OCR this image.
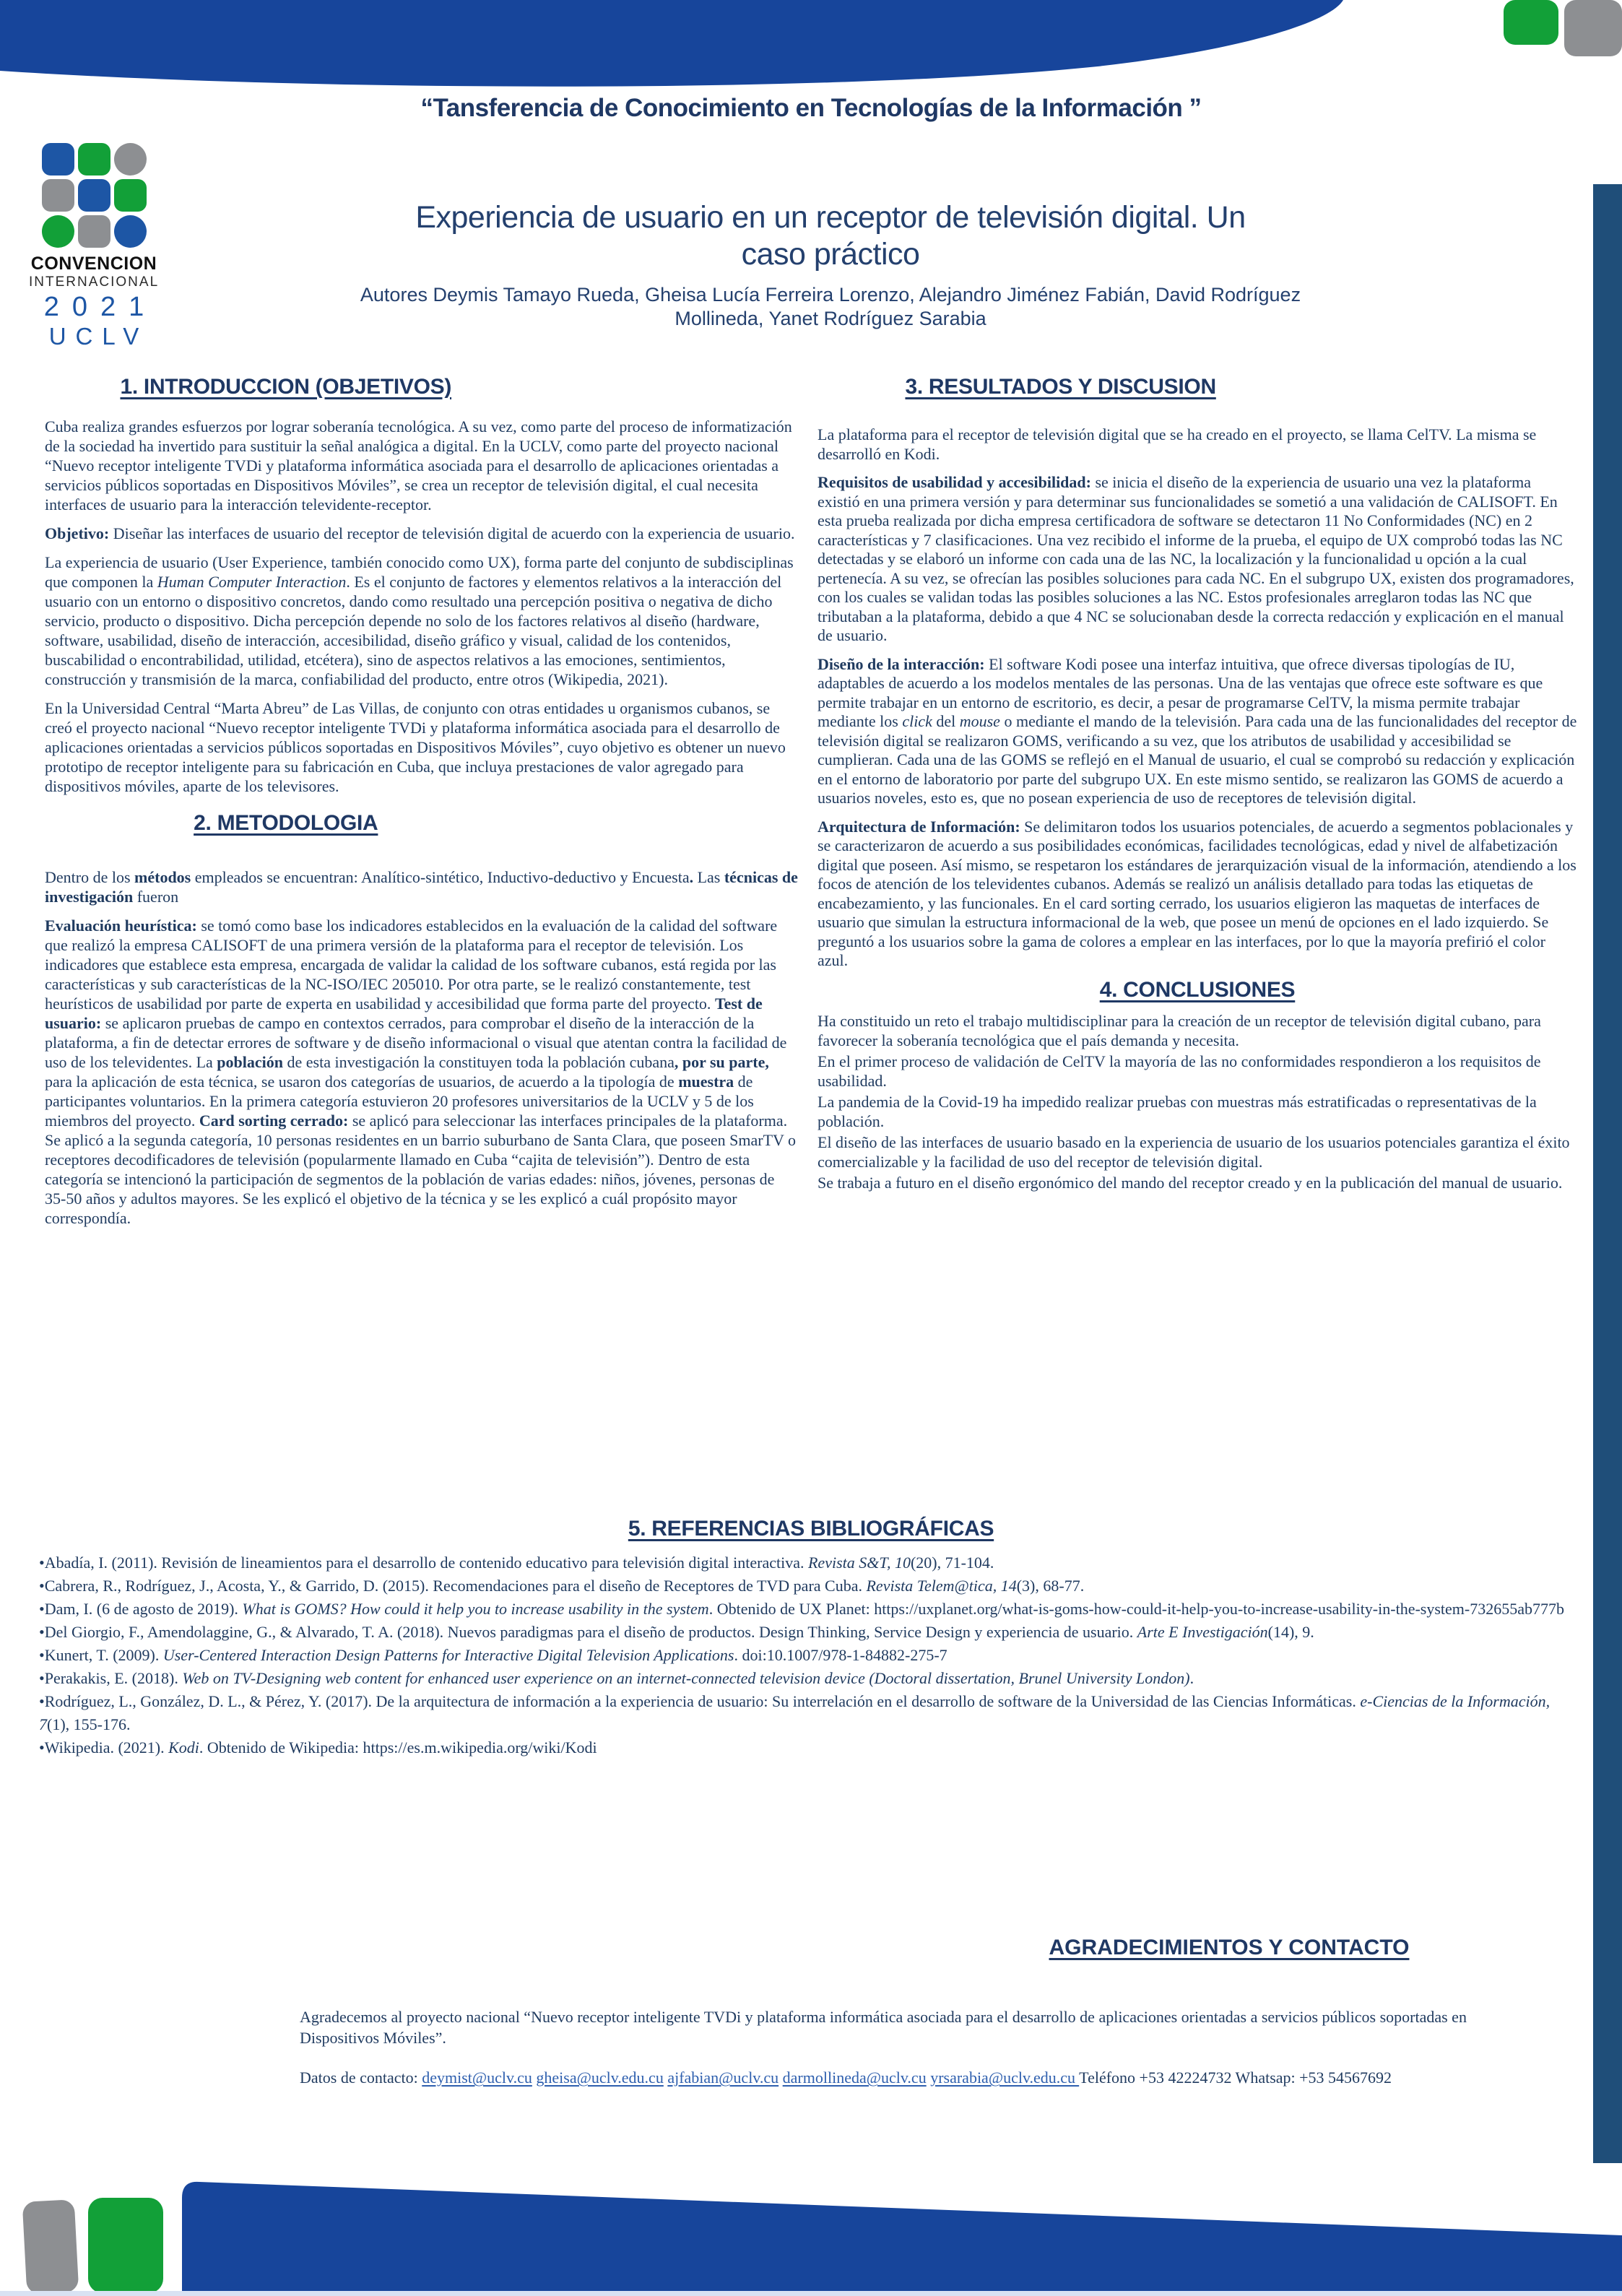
“Tansferencia de Conocimiento en Tecnologías de la Información ”
CONVENCION
INTERNACIONAL
2021
UCLV
Experiencia de usuario en un receptor de televisión digital. Un
caso práctico
Autores Deymis Tamayo Rueda, Gheisa Lucía Ferreira Lorenzo, Alejandro Jiménez Fabián, David Rodríguez
Mollineda, Yanet Rodríguez Sarabia
1. INTRODUCCION (OBJETIVOS)
Cuba realiza grandes esfuerzos por lograr soberanía tecnológica. A su vez, como parte del proceso de informatización de la sociedad ha invertido para sustituir la señal analógica a digital. En la UCLV, como parte del proyecto nacional “Nuevo receptor inteligente TVDi y plataforma informática asociada para el desarrollo de aplicaciones orientadas a servicios públicos soportadas en Dispositivos Móviles”, se crea un receptor de televisión digital, el cual necesita interfaces de usuario para la interacción televidente-receptor.
Objetivo: Diseñar las interfaces de usuario del receptor de televisión digital de acuerdo con la experiencia de usuario.
La experiencia de usuario (User Experience, también conocido como UX), forma parte del conjunto de subdisciplinas que componen la Human Computer Interaction. Es el conjunto de factores y elementos relativos a la interacción del usuario con un entorno o dispositivo concretos, dando como resultado una percepción positiva o negativa de dicho servicio, producto o dispositivo. Dicha percepción depende no solo de los factores relativos al diseño (hardware, software, usabilidad, diseño de interacción, accesibilidad, diseño gráfico y visual, calidad de los contenidos, buscabilidad o encontrabilidad, utilidad, etcétera), sino de aspectos relativos a las emociones, sentimientos, construcción y transmisión de la marca, confiabilidad del producto, entre otros (Wikipedia, 2021).
En la Universidad Central “Marta Abreu” de Las Villas, de conjunto con otras entidades u organismos cubanos, se creó el proyecto nacional “Nuevo receptor inteligente TVDi y plataforma informática asociada para el desarrollo de aplicaciones orientadas a servicios públicos soportadas en Dispositivos Móviles”, cuyo objetivo es obtener un nuevo prototipo de receptor inteligente para su fabricación en Cuba, que incluya prestaciones de valor agregado para dispositivos móviles, aparte de los televisores.
2. METODOLOGIA
Dentro de los métodos empleados se encuentran: Analítico-sintético, Inductivo-deductivo y Encuesta. Las técnicas de investigación fueron
Evaluación heurística: se tomó como base los indicadores establecidos en la evaluación de la calidad del software que realizó la empresa CALISOFT de una primera versión de la plataforma para el receptor de televisión. Los indicadores que establece esta empresa, encargada de validar la calidad de los software cubanos, está regida por las características y sub características de la NC-ISO/IEC 205010. Por otra parte, se le realizó constantemente, test heurísticos de usabilidad por parte de experta en usabilidad y accesibilidad que forma parte del proyecto. Test de usuario: se aplicaron pruebas de campo en contextos cerrados, para comprobar el diseño de la interacción de la plataforma, a fin de detectar errores de software y de diseño informacional o visual que atentan contra la facilidad de uso de los televidentes. La población de esta investigación la constituyen toda la población cubana, por su parte, para la aplicación de esta técnica, se usaron dos categorías de usuarios, de acuerdo a la tipología de muestra de participantes voluntarios. En la primera categoría estuvieron 20 profesores universitarios de la UCLV y 5 de los miembros del proyecto. Card sorting cerrado: se aplicó para seleccionar las interfaces principales de la plataforma. Se aplicó a la segunda categoría, 10 personas residentes en un barrio suburbano de Santa Clara, que poseen SmarTV o receptores decodificadores de televisión (popularmente llamado en Cuba “cajita de televisión”). Dentro de esta categoría se intencionó la participación de segmentos de la población de varias edades: niños, jóvenes, personas de 35-50 años y adultos mayores. Se les explicó el objetivo de la técnica y se les explicó a cuál propósito mayor correspondía.
3. RESULTADOS Y DISCUSION
La plataforma para el receptor de televisión digital que se ha creado en el proyecto, se llama CelTV. La misma se desarrolló en Kodi.
Requisitos de usabilidad y accesibilidad: se inicia el diseño de la experiencia de usuario una vez la plataforma existió en una primera versión y para determinar sus funcionalidades se sometió a una validación de CALISOFT. En esta prueba realizada por dicha empresa certificadora de software se detectaron 11 No Conformidades (NC) en 2 características y 7 clasificaciones. Una vez recibido el informe de la prueba, el equipo de UX comprobó todas las NC detectadas y se elaboró un informe con cada una de las NC, la localización y la funcionalidad u opción a la cual pertenecía. A su vez, se ofrecían las posibles soluciones para cada NC. En el subgrupo UX, existen dos programadores, con los cuales se validan todas las posibles soluciones a las NC. Estos profesionales arreglaron todas las NC que tributaban a la plataforma, debido a que 4 NC se solucionaban desde la correcta redacción y explicación en el manual de usuario.
Diseño de la interacción: El software Kodi posee una interfaz intuitiva, que ofrece diversas tipologías de IU, adaptables de acuerdo a los modelos mentales de las personas. Una de las ventajas que ofrece este software es que permite trabajar en un entorno de escritorio, es decir, a pesar de programarse CelTV, la misma permite trabajar mediante los click del mouse o mediante el mando de la televisión. Para cada una de las funcionalidades del receptor de televisión digital se realizaron GOMS, verificando a su vez, que los atributos de usabilidad y accesibilidad se cumplieran. Cada una de las GOMS se reflejó en el Manual de usuario, el cual se comprobó su redacción y explicación en el entorno de laboratorio por parte del subgrupo UX. En este mismo sentido, se realizaron las GOMS de acuerdo a usuarios noveles, esto es, que no posean experiencia de uso de receptores de televisión digital.
Arquitectura de Información: Se delimitaron todos los usuarios potenciales, de acuerdo a segmentos poblacionales y se caracterizaron de acuerdo a sus posibilidades económicas, facilidades tecnológicas, edad y nivel de alfabetización digital que poseen. Así mismo, se respetaron los estándares de jerarquización visual de la información, atendiendo a los focos de atención de los televidentes cubanos. Además se realizó un análisis detallado para todas las etiquetas de encabezamiento, y las funcionales. En el card sorting cerrado, los usuarios eligieron las maquetas de interfaces de usuario que simulan la estructura informacional de la web, que posee un menú de opciones en el lado izquierdo. Se preguntó a los usuarios sobre la gama de colores a emplear en las interfaces, por lo que la mayoría prefirió el color azul.
4. CONCLUSIONES
Ha constituido un reto el trabajo multidisciplinar para la creación de un receptor de televisión digital cubano, para favorecer la soberanía tecnológica que el país demanda y necesita.
En el primer proceso de validación de CelTV la mayoría de las no conformidades respondieron a los requisitos de usabilidad.
La pandemia de la Covid-19 ha impedido realizar pruebas con muestras más estratificadas o representativas de la población.
El diseño de las interfaces de usuario basado en la experiencia de usuario de los usuarios potenciales garantiza el éxito comercializable y la facilidad de uso del receptor de televisión digital.
Se trabaja a futuro en el diseño ergonómico del mando del receptor creado y en la publicación del manual de usuario.
5. REFERENCIAS BIBLIOGRÁFICAS
•Abadía, I. (2011). Revisión de lineamientos para el desarrollo de contenido educativo para televisión digital interactiva. Revista S&T, 10(20), 71-104.
•Cabrera, R., Rodríguez, J., Acosta, Y., & Garrido, D. (2015). Recomendaciones para el diseño de Receptores de TVD para Cuba. Revista Telem@tica, 14(3), 68-77.
•Dam, I. (6 de agosto de 2019). What is GOMS? How could it help you to increase usability in the system. Obtenido de UX Planet: https://uxplanet.org/what-is-goms-how-could-it-help-you-to-increase-usability-in-the-system-732655ab777b
•Del Giorgio, F., Amendolaggine, G., & Alvarado, T. A. (2018). Nuevos paradigmas para el diseño de productos. Design Thinking, Service Design y experiencia de usuario. Arte E Investigación(14), 9.
•Kunert, T. (2009). User-Centered Interaction Design Patterns for Interactive Digital Television Applications. doi:10.1007/978-1-84882-275-7
•Perakakis, E. (2018). Web on TV-Designing web content for enhanced user experience on an internet-connected television device (Doctoral dissertation, Brunel University London).
•Rodríguez, L., González, D. L., & Pérez, Y. (2017). De la arquitectura de información a la experiencia de usuario: Su interrelación en el desarrollo de software de la Universidad de las Ciencias Informáticas. e-Ciencias de la Información, 7(1), 155-176.
•Wikipedia. (2021). Kodi. Obtenido de Wikipedia: https://es.m.wikipedia.org/wiki/Kodi
AGRADECIMIENTOS Y CONTACTO
Agradecemos al proyecto nacional “Nuevo receptor inteligente TVDi y plataforma informática asociada para el desarrollo de aplicaciones orientadas a servicios públicos soportadas en Dispositivos Móviles”.
Datos de contacto: deymist@uclv.cu gheisa@uclv.edu.cu ajfabian@uclv.cu darmollineda@uclv.cu yrsarabia@uclv.edu.cu Teléfono +53 42224732 Whatsap: +53 54567692
